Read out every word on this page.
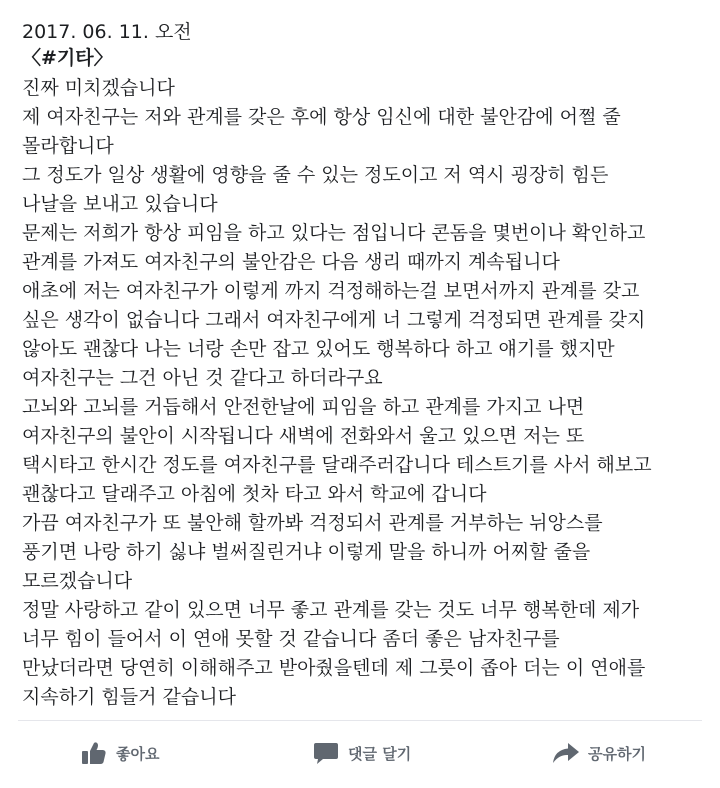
2017. 06. 11. 오전
〈#기타〉
진짜 미치겠습니다
제 여자친구는 저와 관계를 갖은 후에 항상 임신에 대한 불안감에 어쩔 줄
몰라합니다
그 정도가 일상 생활에 영향을 줄 수 있는 정도이고 저 역시 굉장히 힘든
나날을 보내고 있습니다
문제는 저희가 항상 피임을 하고 있다는 점입니다 콘돔을 몇번이나 확인하고
관계를 가져도 여자친구의 불안감은 다음 생리 때까지 계속됩니다
애초에 저는 여자친구가 이렇게 까지 걱정해하는걸 보면서까지 관계를 갖고
싶은 생각이 없습니다 그래서 여자친구에게 너 그렇게 걱정되면 관계를 갖지
않아도 괜찮다 나는 너랑 손만 잡고 있어도 행복하다 하고 얘기를 했지만
여자친구는 그건 아닌 것 같다고 하더라구요
고뇌와 고뇌를 거듭해서 안전한날에 피임을 하고 관계를 가지고 나면
여자친구의 불안이 시작됩니다 새벽에 전화와서 울고 있으면 저는 또
택시타고 한시간 정도를 여자친구를 달래주러갑니다 테스트기를 사서 해보고
괜찮다고 달래주고 아침에 첫차 타고 와서 학교에 갑니다
가끔 여자친구가 또 불안해 할까봐 걱정되서 관계를 거부하는 뉘앙스를
풍기면 나랑 하기 싫냐 벌써질린거냐 이렇게 말을 하니까 어찌할 줄을
모르겠습니다
정말 사랑하고 같이 있으면 너무 좋고 관계를 갖는 것도 너무 행복한데 제가
너무 힘이 들어서 이 연애 못할 것 같습니다 좀더 좋은 남자친구를
만났더라면 당연히 이해해주고 받아줬을텐데 제 그릇이 좁아 더는 이 연애를
지속하기 힘들거 같습니다
좋아요	댓글 달기	공유하기
